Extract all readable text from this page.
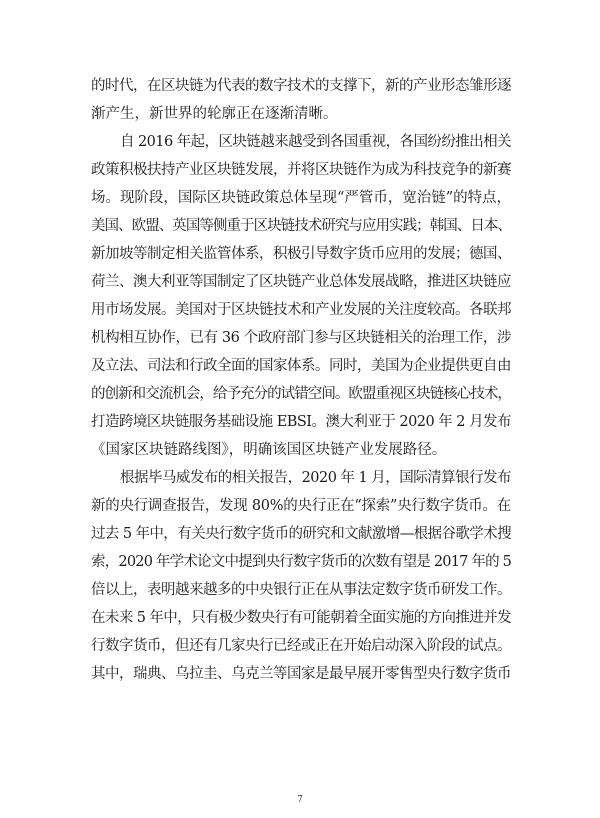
的时代，在区块链为代表的数字技术的支撑下，新的产业形态雏形逐
渐产生，新世界的轮廓正在逐渐清晰。
自 2016 年起，区块链越来越受到各国重视，各国纷纷推出相关
政策积极扶持产业区块链发展，并将区块链作为成为科技竞争的新赛
场。现阶段，国际区块链政策总体呈现“严管币，宽治链”的特点，
美国、欧盟、英国等侧重于区块链技术研究与应用实践；韩国、日本、
新加坡等制定相关监管体系，积极引导数字货币应用的发展；德国、
荷兰、澳大利亚等国制定了区块链产业总体发展战略，推进区块链应
用市场发展。美国对于区块链技术和产业发展的关注度较高。各联邦
机构相互协作，已有 36 个政府部门参与区块链相关的治理工作，涉
及立法、司法和行政全面的国家体系。同时，美国为企业提供更自由
的创新和交流机会，给予充分的试错空间。欧盟重视区块链核心技术，
打造跨境区块链服务基础设施 EBSI。澳大利亚于 2020 年 2 月发布
《国家区块链路线图》，明确该国区块链产业发展路径。
根据毕马威发布的相关报告，2020 年 1 月，国际清算银行发布
新的央行调查报告，发现 80%的央行正在“探索”央行数字货币。在
过去 5 年中，有关央行数字货币的研究和文献激增—根据谷歌学术搜
索，2020 年学术论文中提到央行数字货币的次数有望是 2017 年的 5
倍以上，表明越来越多的中央银行正在从事法定数字货币研发工作。
在未来 5 年中，只有极少数央行有可能朝着全面实施的方向推进并发
行数字货币，但还有几家央行已经或正在开始启动深入阶段的试点。
其中，瑞典、乌拉圭、乌克兰等国家是最早展开零售型央行数字货币
7
